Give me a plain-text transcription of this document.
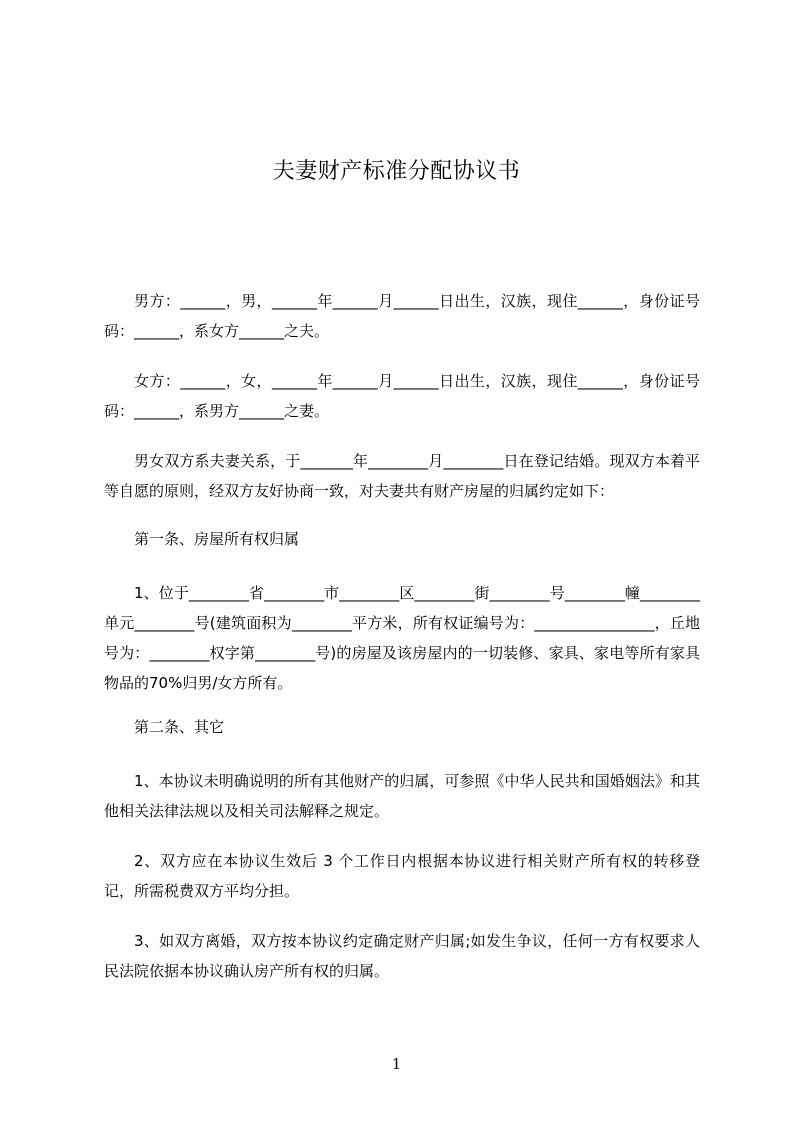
夫妻财产标准分配协议书

男方：______，男，______年______月______日出生，汉族，现住______，身份证号码：______，系女方______之夫。

女方：______，女，______年______月______日出生，汉族，现住______，身份证号码：______，系男方______之妻。

男女双方系夫妻关系，于_______年________月________日在登记结婚。现双方本着平等自愿的原则，经双方友好协商一致，对夫妻共有财产房屋的归属约定如下：

第一条、房屋所有权归属

1、位于________省________市________区________街________号________幢________单元________号(建筑面积为________平方米，所有权证编号为：________________，丘地号为：________权字第________号)的房屋及该房屋内的一切装修、家具、家电等所有家具物品的70%归男/女方所有。

第二条、其它

1、本协议未明确说明的所有其他财产的归属，可参照《中华人民共和国婚姻法》和其他相关法律法规以及相关司法解释之规定。

2、双方应在本协议生效后 3 个工作日内根据本协议进行相关财产所有权的转移登记，所需税费双方平均分担。

3、如双方离婚，双方按本协议约定确定财产归属;如发生争议，任何一方有权要求人民法院依据本协议确认房产所有权的归属。

1
